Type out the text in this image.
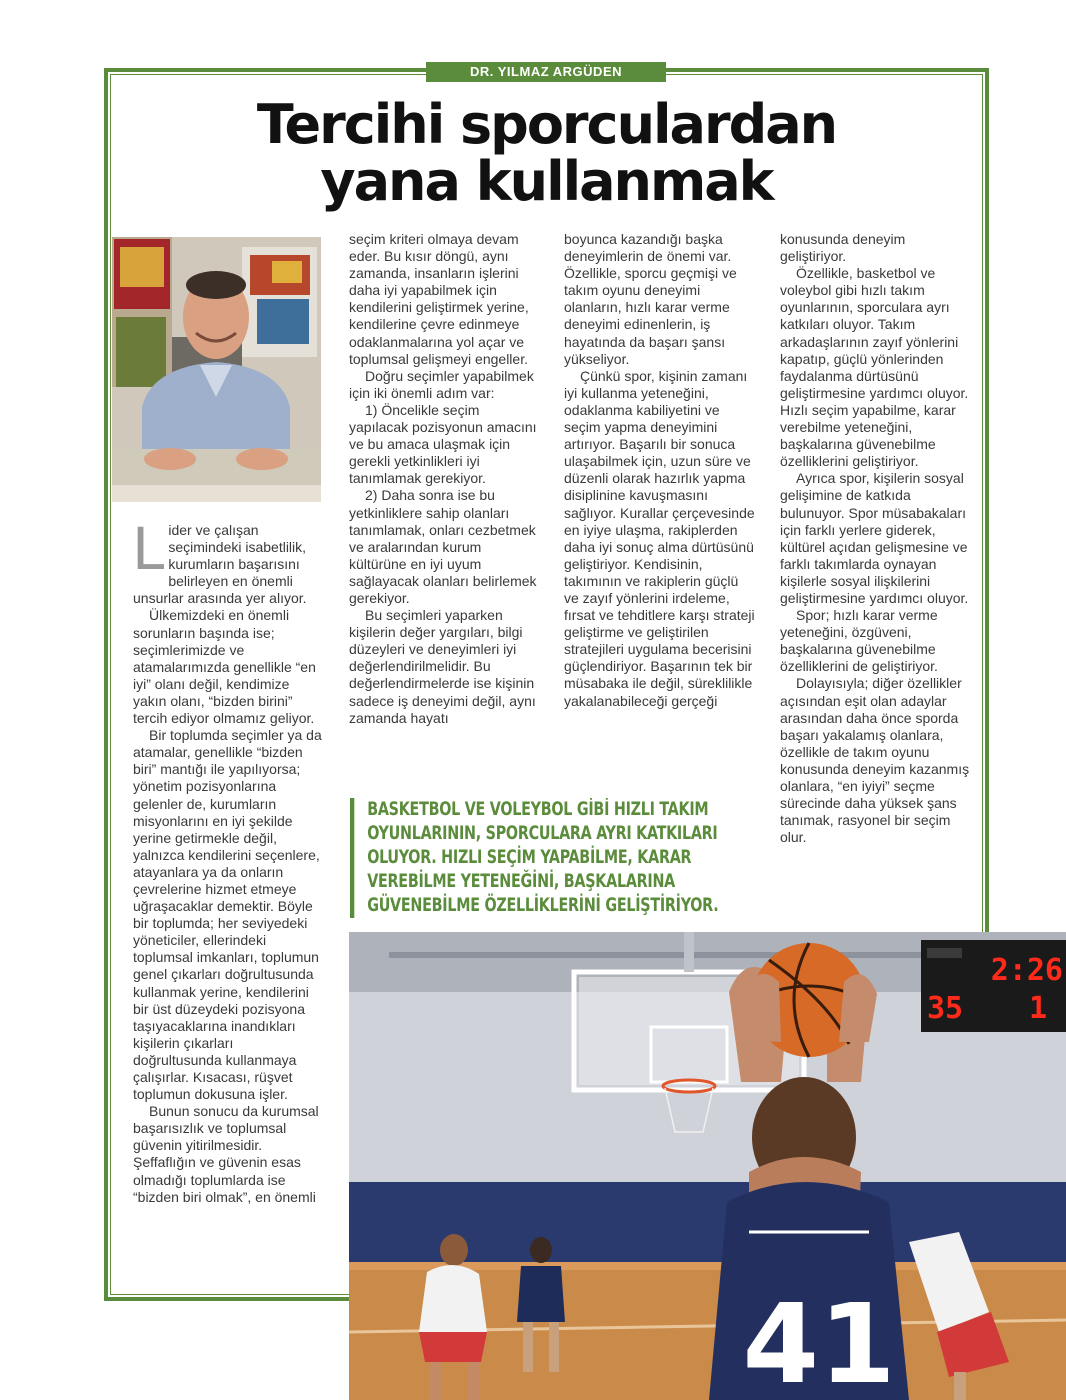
DR. YILMAZ ARGÜDEN
Tercihi sporculardan
yana kullanmak
L ider ve çalışan seçimindeki isabetlilik, kurumların başarısını belirleyen en önemli unsurlar arasında yer alıyor.

Ülkemizdeki en önemli sorunların başında ise; seçimlerimizde ve atamalarımızda genellikle “en iyi” olanı değil, kendimize yakın olanı, “bizden birini” tercih ediyor olmamız geliyor.

Bir toplumda seçimler ya da atamalar, genellikle “bizden biri” mantığı ile yapılıyorsa; yönetim pozisyonlarına gelenler de, kurumların misyonlarını en iyi şekilde yerine getirmekle değil, yalnızca kendilerini seçenlere, atayanlara ya da onların çevrelerine hizmet etmeye uğraşacaklar demektir. Böyle bir toplumda; her seviyedeki yöneticiler, ellerindeki toplumsal imkanları, toplumun genel çıkarları doğrultusunda kullanmak yerine, kendilerini bir üst düzeydeki pozisyona taşıyacaklarına inandıkları kişilerin çıkarları doğrultusunda kullanmaya çalışırlar. Kısacası, rüşvet toplumun dokusuna işler.

Bunun sonucu da kurumsal başarısızlık ve toplumsal güvenin yitirilmesidir. Şeffaflığın ve güvenin esas olmadığı toplumlarda ise “bizden biri olmak”, en önemli

seçim kriteri olmaya devam eder. Bu kısır döngü, aynı zamanda, insanların işlerini daha iyi yapabilmek için kendilerini geliştirmek yerine, kendilerine çevre edinmeye odaklanmalarına yol açar ve toplumsal gelişmeyi engeller.

Doğru seçimler yapabilmek için iki önemli adım var:

1) Öncelikle seçim yapılacak pozisyonun amacını ve bu amaca ulaşmak için gerekli yetkinlikleri iyi tanımlamak gerekiyor.

2) Daha sonra ise bu yetkinliklere sahip olanları tanımlamak, onları cezbetmek ve aralarından kurum kültürüne en iyi uyum sağlayacak olanları belirlemek gerekiyor.

Bu seçimleri yaparken kişilerin değer yargıları, bilgi düzeyleri ve deneyimleri iyi değerlendirilmelidir. Bu değerlendirmelerde ise kişinin sadece iş deneyimi değil, aynı zamanda hayatı

boyunca kazandığı başka deneyimlerin de önemi var. Özellikle, sporcu geçmişi ve takım oyunu deneyimi olanların, hızlı karar verme deneyimi edinenlerin, iş hayatında da başarı şansı yükseliyor.

Çünkü spor, kişinin zamanı iyi kullanma yeteneğini, odaklanma kabiliyetini ve seçim yapma deneyimini artırıyor. Başarılı bir sonuca ulaşabilmek için, uzun süre ve düzenli olarak hazırlık yapma disiplinine kavuşmasını sağlıyor. Kurallar çerçevesinde en iyiye ulaşma, rakiplerden daha iyi sonuç alma dürtüsünü geliştiriyor. Kendisinin, takımının ve rakiplerin güçlü ve zayıf yönlerini irdeleme, fırsat ve tehditlere karşı strateji geliştirme ve geliştirilen stratejileri uygulama becerisini güçlendiriyor. Başarının tek bir müsabaka ile değil, süreklilikle yakalanabileceği gerçeği

konusunda deneyim geliştiriyor.

Özellikle, basketbol ve voleybol gibi hızlı takım oyunlarının, sporculara ayrı katkıları oluyor. Takım arkadaşlarının zayıf yönlerini kapatıp, güçlü yönlerinden faydalanma dürtüsünü geliştirmesine yardımcı oluyor. Hızlı seçim yapabilme, karar verebilme yeteneğini, başkalarına güvenebilme özelliklerini geliştiriyor.

Ayrıca spor, kişilerin sosyal gelişimine de katkıda bulunuyor. Spor müsabakaları için farklı yerlere giderek, kültürel açıdan gelişmesine ve farklı takımlarda oynayan kişilerle sosyal ilişkilerini geliştirmesine yardımcı oluyor.

Spor; hızlı karar verme yeteneğini, özgüveni, başkalarına güvenebilme özelliklerini de geliştiriyor.

Dolayısıyla; diğer özellikler açısından eşit olan adaylar arasından daha önce sporda başarı yakalamış olanlara, özellikle de takım oyunu konusunda deneyim kazanmış olanlara, “en iyiyi” seçme sürecinde daha yüksek şans tanımak, rasyonel bir seçim olur.

BASKETBOL VE VOLEYBOL GİBİ HIZLI TAKIM OYUNLARININ, SPORCULARA AYRI KATKILARI OLUYOR. HIZLI SEÇİM YAPABİLME, KARAR VEREBİLME YETENEĞİNİ, BAŞKALARINA GÜVENEBİLME ÖZELLİKLERİNİ GELİŞTİRİYOR.
2:26
35 1
41
